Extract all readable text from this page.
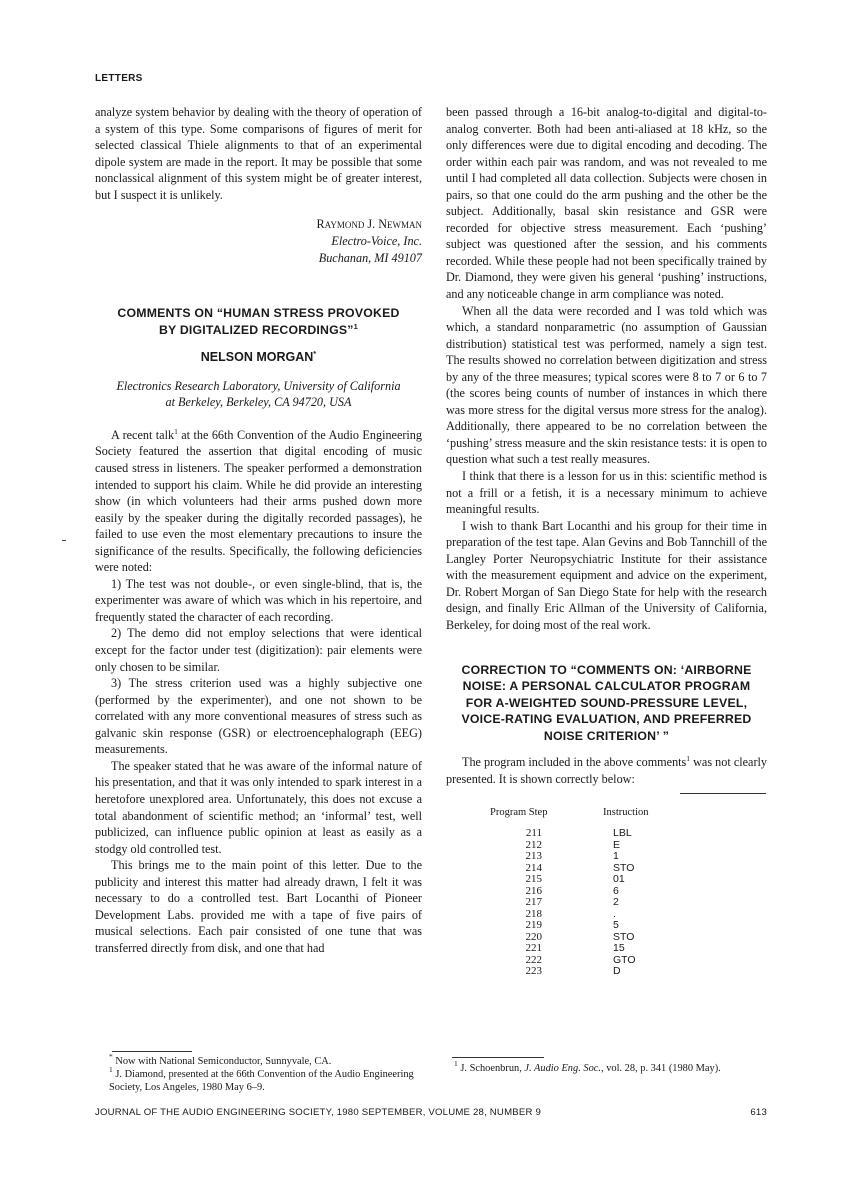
LETTERS

analyze system behavior by dealing with the theory of operation of a system of this type. Some comparisons of figures of merit for selected classical Thiele alignments to that of an experimental dipole system are made in the report. It may be possible that some nonclassical alignment of this system might be of greater interest, but I suspect it is unlikely.

Raymond J. Newman
Electro-Voice, Inc.
Buchanan, MI 49107
COMMENTS ON “HUMAN STRESS PROVOKED
BY DIGITALIZED RECORDINGS”$^1$
NELSON MORGAN*
Electronics Research Laboratory, University of California
at Berkeley, Berkeley, CA 94720, USA

A recent talk$^1$ at the 66th Convention of the Audio Engineering Society featured the assertion that digital encoding of music caused stress in listeners. The speaker performed a demonstration intended to support his claim. While he did provide an interesting show (in which volunteers had their arms pushed down more easily by the speaker during the digitally recorded passages), he failed to use even the most elementary precautions to insure the significance of the results. Specifically, the following deficiencies were noted:

1) The test was not double-, or even single-blind, that is, the experimenter was aware of which was which in his repertoire, and frequently stated the character of each recording.

2) The demo did not employ selections that were identical except for the factor under test (digitization): pair elements were only chosen to be similar.

3) The stress criterion used was a highly subjective one (performed by the experimenter), and one not shown to be correlated with any more conventional measures of stress such as galvanic skin response (GSR) or electroencephalograph (EEG) measurements.

The speaker stated that he was aware of the informal nature of his presentation, and that it was only intended to spark interest in a heretofore unexplored area. Unfortunately, this does not excuse a total abandonment of scientific method; an ‘informal’ test, well publicized, can influence public opinion at least as easily as a stodgy old controlled test.

This brings me to the main point of this letter. Due to the publicity and interest this matter had already drawn, I felt it was necessary to do a controlled test. Bart Locanthi of Pioneer Development Labs. provided me with a tape of five pairs of musical selections. Each pair consisted of one tune that was transferred directly from disk, and one that had

been passed through a 16-bit analog-to-digital and digital-to-analog converter. Both had been anti-aliased at 18 kHz, so the only differences were due to digital encoding and decoding. The order within each pair was random, and was not revealed to me until I had completed all data collection. Subjects were chosen in pairs, so that one could do the arm pushing and the other be the subject. Additionally, basal skin resistance and GSR were recorded for objective stress measurement. Each ‘pushing’ subject was questioned after the session, and his comments recorded. While these people had not been specifically trained by Dr. Diamond, they were given his general ‘pushing’ instructions, and any noticeable change in arm compliance was noted.

When all the data were recorded and I was told which was which, a standard nonparametric (no assumption of Gaussian distribution) statistical test was performed, namely a sign test. The results showed no correlation between digitization and stress by any of the three measures; typical scores were 8 to 7 or 6 to 7 (the scores being counts of number of instances in which there was more stress for the digital versus more stress for the analog). Additionally, there appeared to be no correlation between the ‘pushing’ stress measure and the skin resistance tests: it is open to question what such a test really measures.

I think that there is a lesson for us in this: scientific method is not a frill or a fetish, it is a necessary minimum to achieve meaningful results.

I wish to thank Bart Locanthi and his group for their time in preparation of the test tape. Alan Gevins and Bob Tannchill of the Langley Porter Neuropsychiatric Institute for their assistance with the measurement equipment and advice on the experiment, Dr. Robert Morgan of San Diego State for help with the research design, and finally Eric Allman of the University of California, Berkeley, for doing most of the real work.

CORRECTION TO “COMMENTS ON: ‘AIRBORNE
NOISE: A PERSONAL CALCULATOR PROGRAM
FOR A-WEIGHTED SOUND-PRESSURE LEVEL,
VOICE-RATING EVALUATION, AND PREFERRED
NOISE CRITERION’ ”

The program included in the above comments$^1$ was not clearly presented. It is shown correctly below:

Program Step	Instruction
211	LBL
212	E
213	1
214	STO
215	01
216	6
217	2
218	.
219	5
220	STO
221	15
222	GTO
223	D
* Now with National Semiconductor, Sunnyvale, CA.
$^1$ J. Diamond, presented at the 66th Convention of the Audio Engineering Society, Los Angeles, 1980 May 6–9.
$^1$ J. Schoenbrun, J. Audio Eng. Soc., vol. 28, p. 341 (1980 May).
JOURNAL OF THE AUDIO ENGINEERING SOCIETY, 1980 SEPTEMBER, VOLUME 28, NUMBER 9	613
